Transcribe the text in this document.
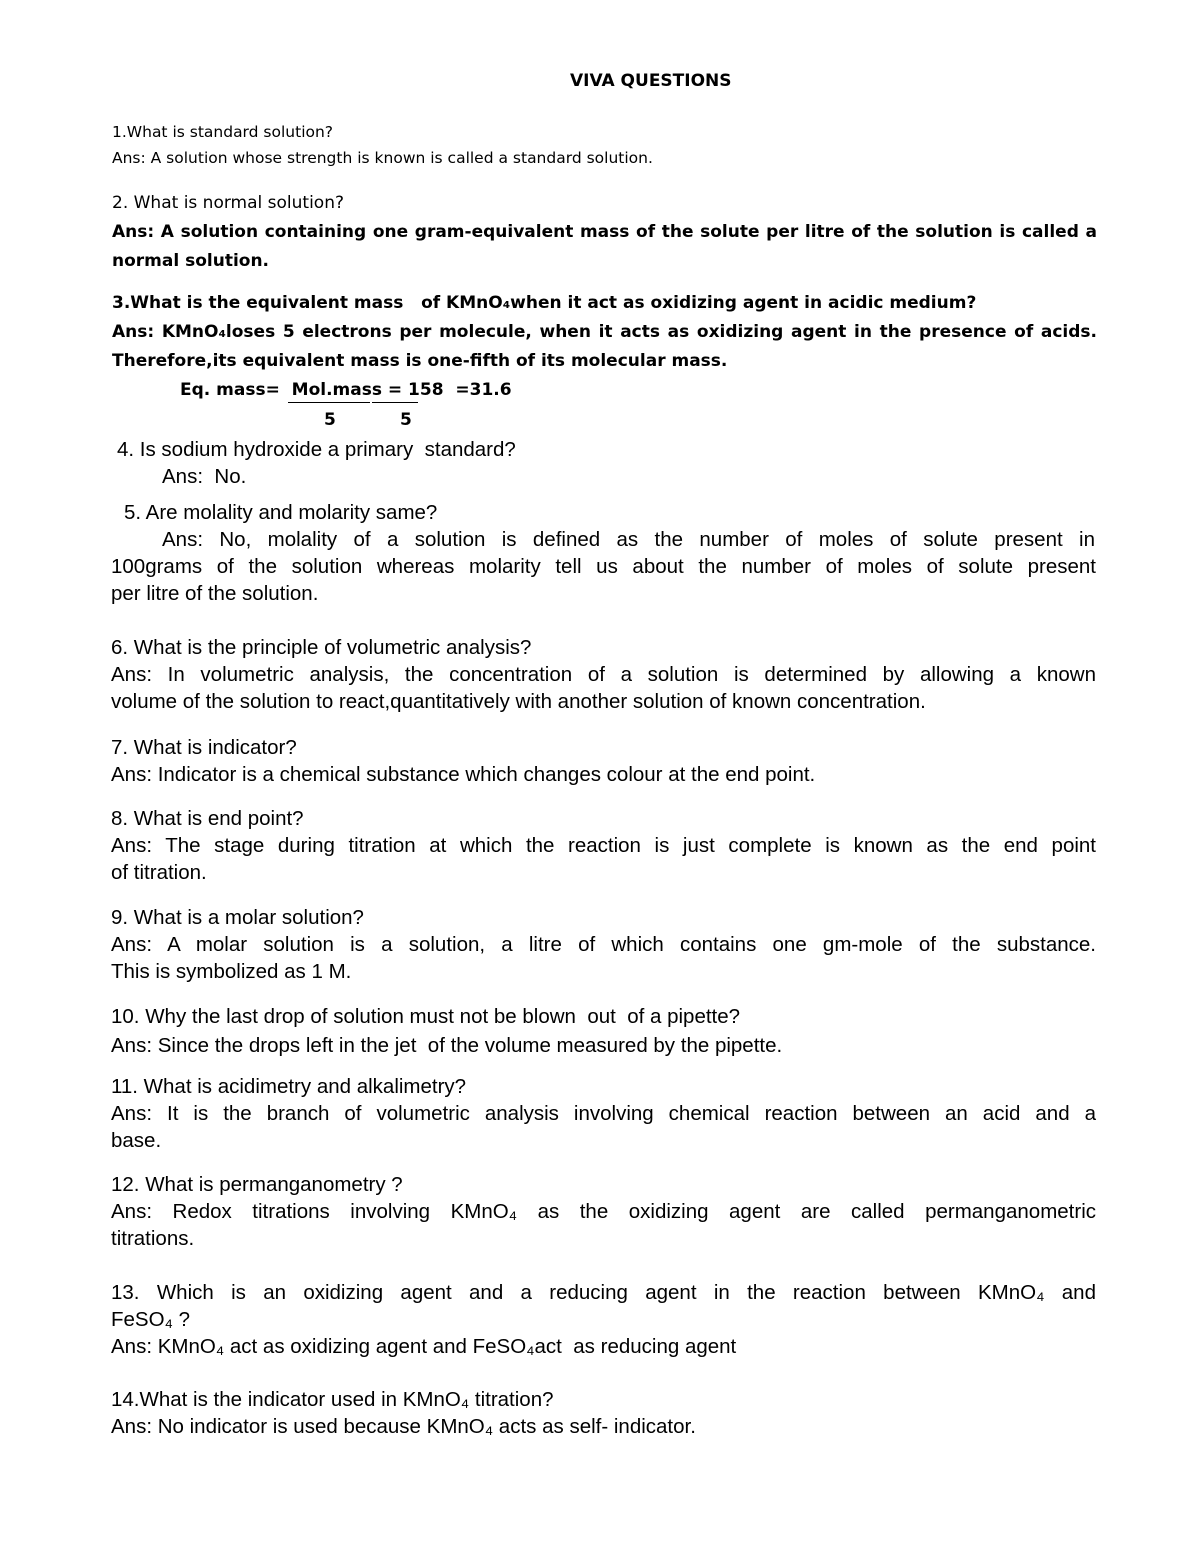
VIVA QUESTIONS
1.What is standard solution?
Ans: A solution whose strength is known is called a standard solution.
2. What is normal solution?
Ans: A solution containing one gram-equivalent mass of the solute per litre of the solution is called a
normal solution.
3.What is the equivalent mass   of KMnO₄when it act as oxidizing agent in acidic medium?
Ans: KMnO₄loses 5 electrons per molecule, when it acts as oxidizing agent in the presence of acids.
Therefore,its equivalent mass is one-fifth of its molecular mass.
Eq. mass=  Mol.mass = 158  =31.6
5	5
4. Is sodium hydroxide a primary  standard?
Ans:  No.
5. Are molality and molarity same?
Ans: No, molality of a solution is defined as the number of moles of solute present in
100grams of the solution whereas molarity tell us about the number of moles of solute present
per litre of the solution.
6. What is the principle of volumetric analysis?
Ans: In volumetric analysis, the concentration of a solution is determined by allowing a known
volume of the solution to react,quantitatively with another solution of known concentration.
7. What is indicator?
Ans: Indicator is a chemical substance which changes colour at the end point.
8. What is end point?
Ans: The stage during titration at which the reaction is just complete is known as the end point
of titration.
9. What is a molar solution?
Ans: A molar solution is a solution, a litre of which contains one gm-mole of the substance.
This is symbolized as 1 M.
10. Why the last drop of solution must not be blown  out  of a pipette?
Ans: Since the drops left in the jet  of the volume measured by the pipette.
11. What is acidimetry and alkalimetry?
Ans: It is the branch of volumetric analysis involving chemical reaction between an acid and a
base.
12. What is permanganometry ?
Ans: Redox titrations involving KMnO₄ as the oxidizing agent are called permanganometric
titrations.
13. Which is an oxidizing agent and a reducing agent in the reaction between KMnO₄ and
FeSO₄ ?
Ans: KMnO₄ act as oxidizing agent and FeSO₄act  as reducing agent
14.What is the indicator used in KMnO₄ titration?
Ans: No indicator is used because KMnO₄ acts as self- indicator.
